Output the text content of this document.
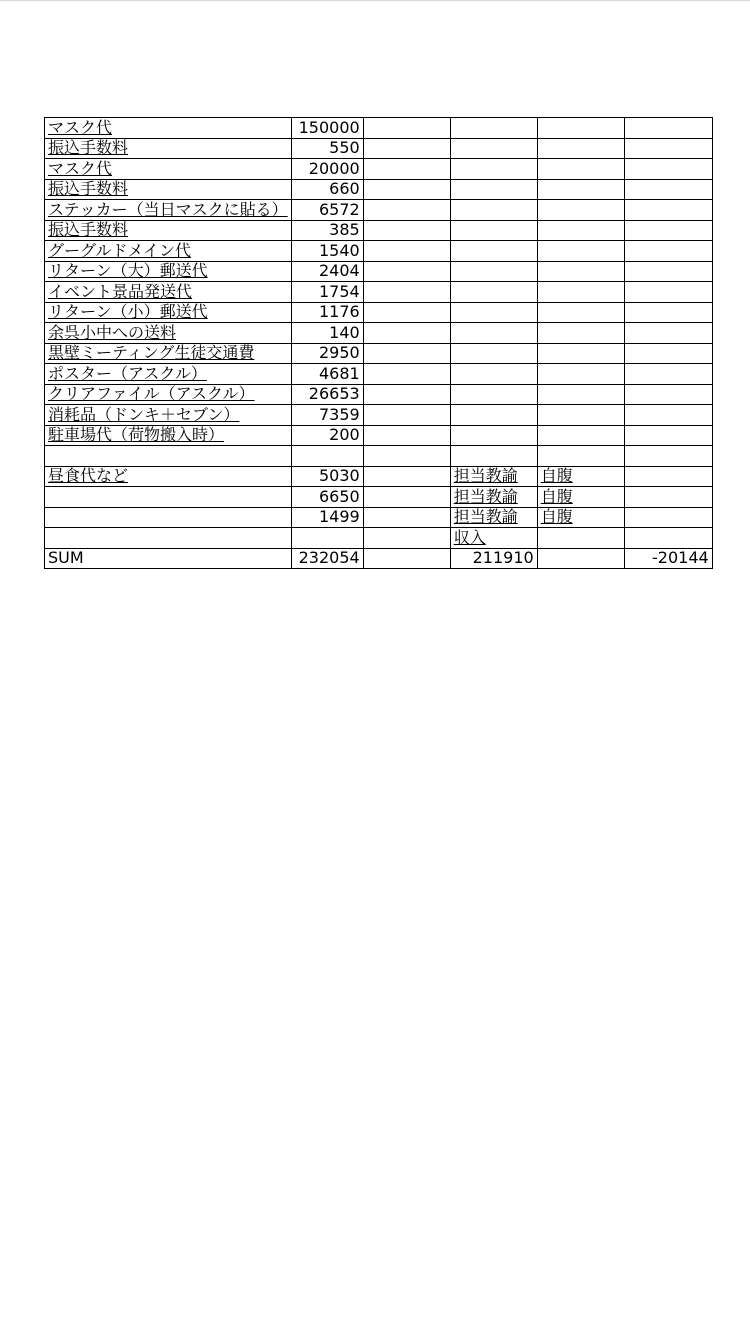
マスク代	150000				
振込手数料	550				
マスク代	20000				
振込手数料	660				
ステッカー（当日マスクに貼る）	6572				
振込手数料	385				
グーグルドメイン代	1540				
リターン（大）郵送代	2404				
イベント景品発送代	1754				
リターン（小）郵送代	1176				
余呉小中への送料	140				
黒壁ミーティング生徒交通費	2950				
ポスター（アスクル）	4681				
クリアファイル（アスクル）	26653				
消耗品（ドンキ＋セブン）	7359				
駐車場代（荷物搬入時）	200				

昼食代など	5030		担当教諭	自腹	
	6650		担当教諭	自腹	
	1499		担当教諭	自腹	
			収入		
SUM	232054		211910		-20144
